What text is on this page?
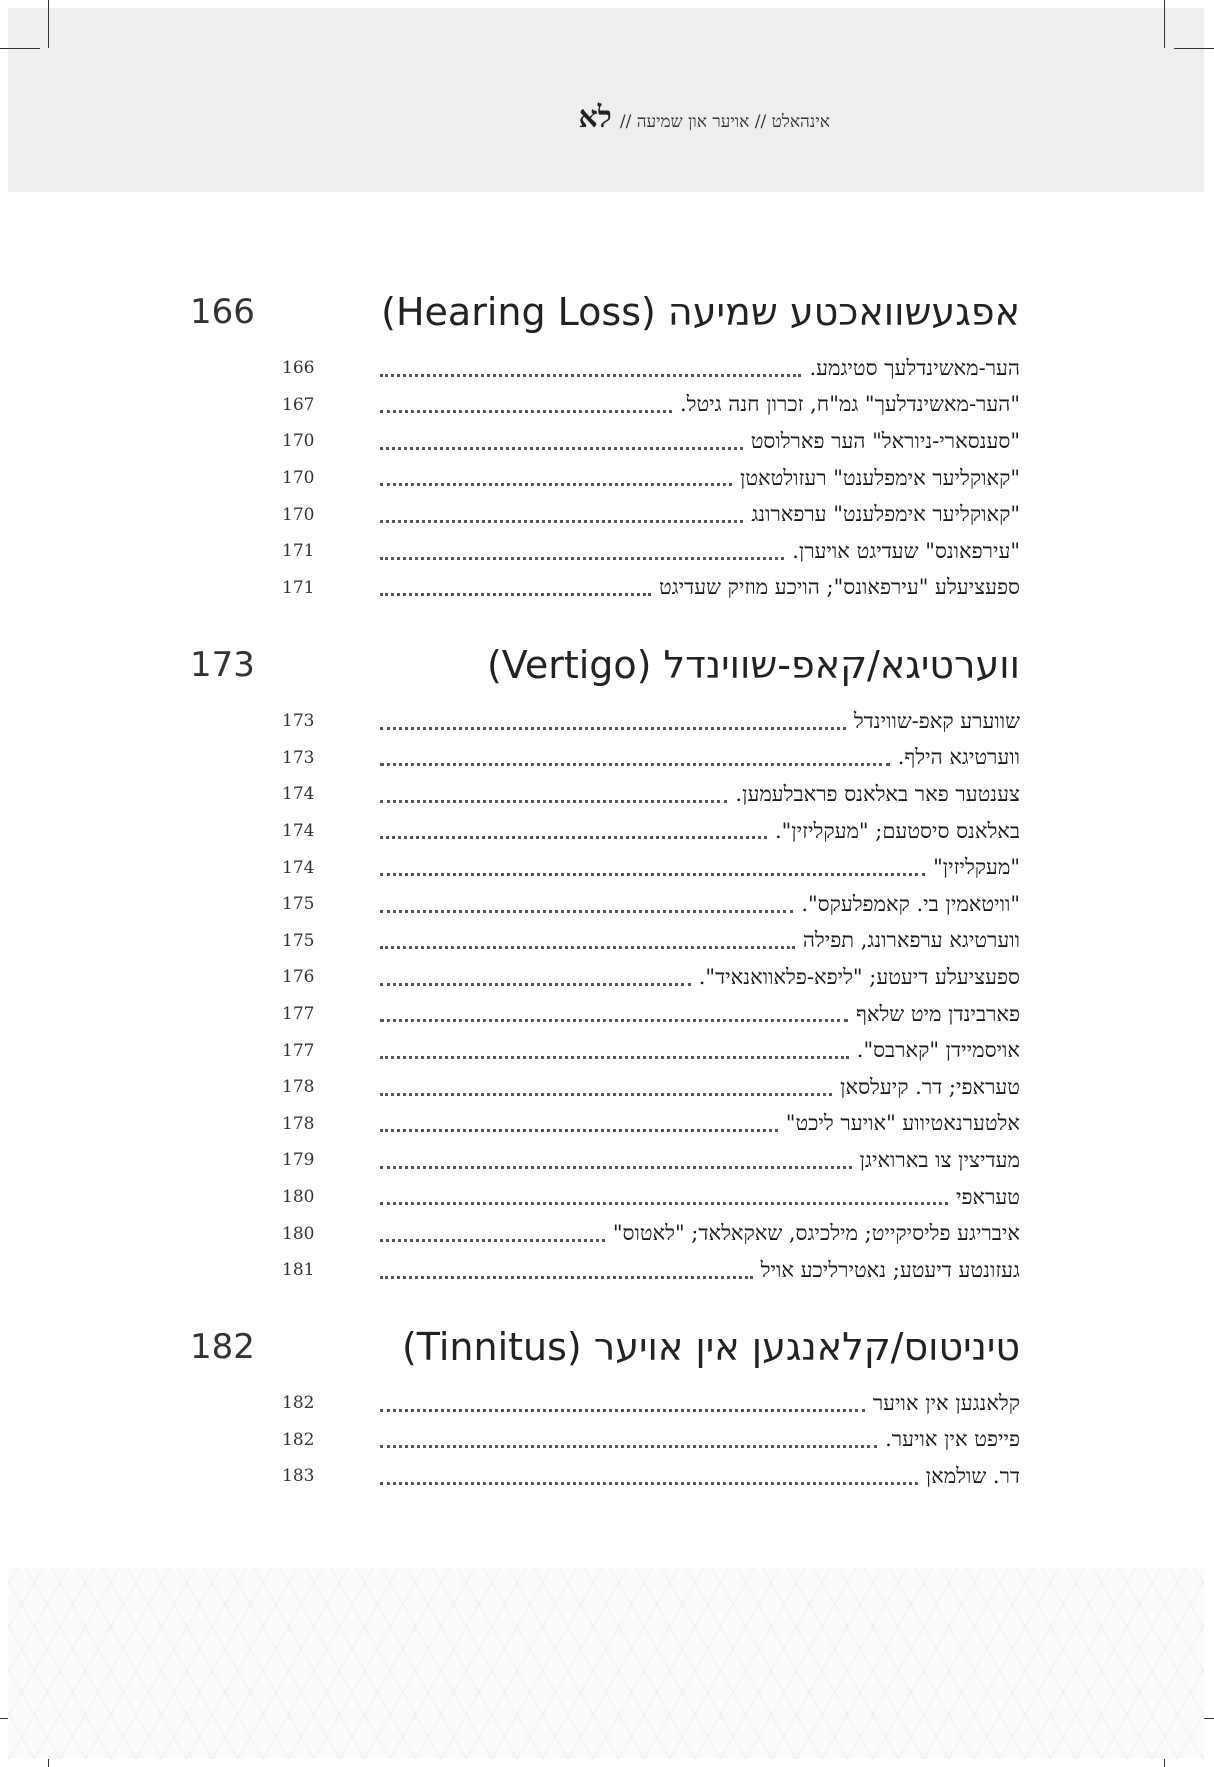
אינהאלט // אויער און שמיעה //
לא
אפגעשוואכטע שמיעה (Hearing Loss)
166
הער-מאשינדלעך סטיגמע.
166
"הער-מאשינדלעך" גמ"ח, זכרון חנה גיטל.
167
"סענסארי-ניוראל" הער פארלוסט
170
"קאוקליער אימפלענט" רעזולטאטן
170
"קאוקליער אימפלענט" ערפארונג
170
"עירפאונס" שעדיגט אויערן.
171
ספעציעלע "עירפאונס"; הויכע מוזיק שעדיגט
171
ווערטיגא/קאפ-שווינדל (Vertigo)
173
שווערע קאפ-שווינדל
173
ווערטיגא הילף.
173
צענטער פאר באלאנס פראבלעמען.
174
באלאנס סיסטעם; "מעקליזין".
174
"מעקליזין"
174
"וויטאמין בי. קאמפלעקס".
175
ווערטיגא ערפארונג, תפילה
175
ספעציעלע דיעטע; "ליפא-פלאוואנאיד".
176
פארבינדן מיט שלאף
177
אויסמיידן "קארבס".
177
טעראפי; דר. קיעלסאן
178
אלטערנאטיווע "אויער ליכט"
178
מעדיצין צו בארואיגן
179
טעראפי
180
איבריגע פליסיקייט; מילכיגס, שאקאלאד; "לאטוס"
180
געזונטע דיעטע; נאטירליכע אויל
181
טיניטוס/קלאנגען אין אויער (Tinnitus)
182
קלאנגען אין אויער
182
פייפט אין אויער.
182
דר. שולמאן
183
